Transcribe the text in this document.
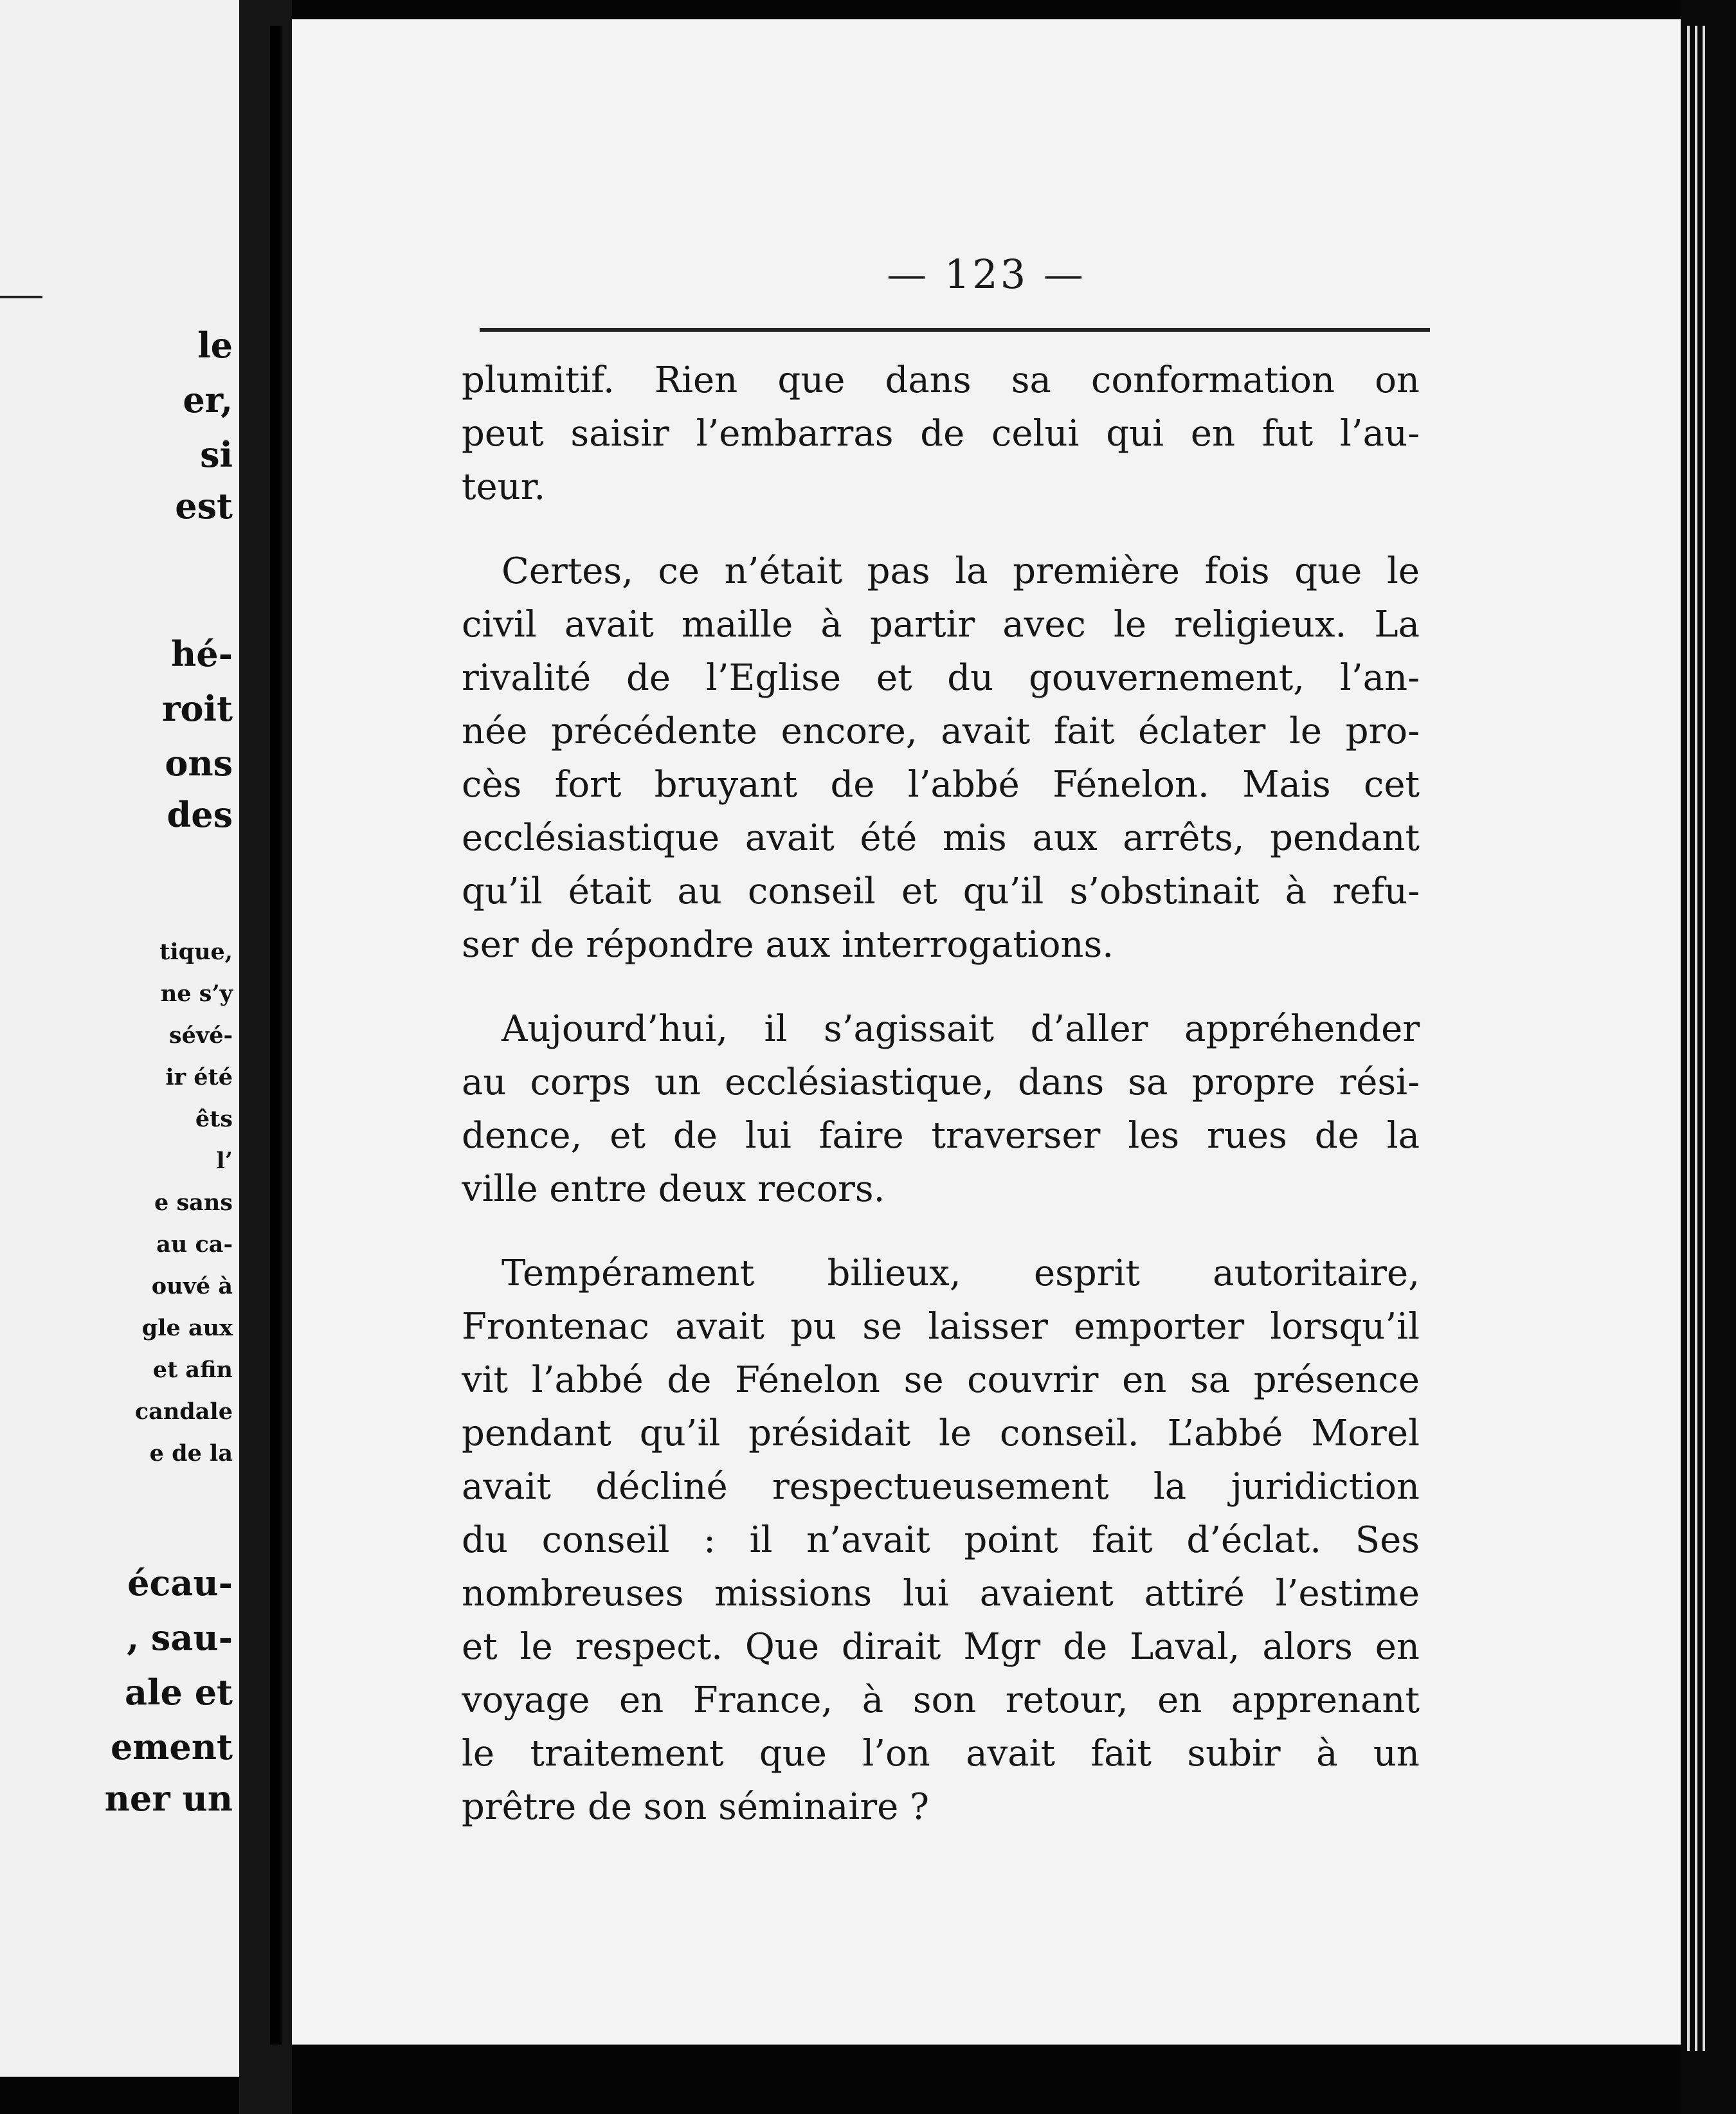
le
er,
si
est
hé-
roit
ons
des
tique,
ne s’y
sévé-
ir été
êts
l’
e sans
au ca-
ouvé à
gle aux
et afin
candale
e de la
écau-
, sau-
ale et
ement
ner un
— 123 —
plumitif. Rien que dans sa conformation on
peut saisir l’embarras de celui qui en fut l’au-
teur.
Certes, ce n’était pas la première fois que le
civil avait maille à partir avec le religieux. La
rivalité de l’Eglise et du gouvernement, l’an-
née précédente encore, avait fait éclater le pro-
cès fort bruyant de l’abbé Fénelon. Mais cet
ecclésiastique avait été mis aux arrêts, pendant
qu’il était au conseil et qu’il s’obstinait à refu-
ser de répondre aux interrogations.
Aujourd’hui, il s’agissait d’aller appréhender
au corps un ecclésiastique, dans sa propre rési-
dence, et de lui faire traverser les rues de la
ville entre deux recors.
Tempérament bilieux, esprit autoritaire,
Frontenac avait pu se laisser emporter lorsqu’il
vit l’abbé de Fénelon se couvrir en sa présence
pendant qu’il présidait le conseil. L’abbé Morel
avait décliné respectueusement la juridiction
du conseil : il n’avait point fait d’éclat. Ses
nombreuses missions lui avaient attiré l’estime
et le respect. Que dirait Mgr de Laval, alors en
voyage en France, à son retour, en apprenant
le traitement que l’on avait fait subir à un
prêtre de son séminaire ?
